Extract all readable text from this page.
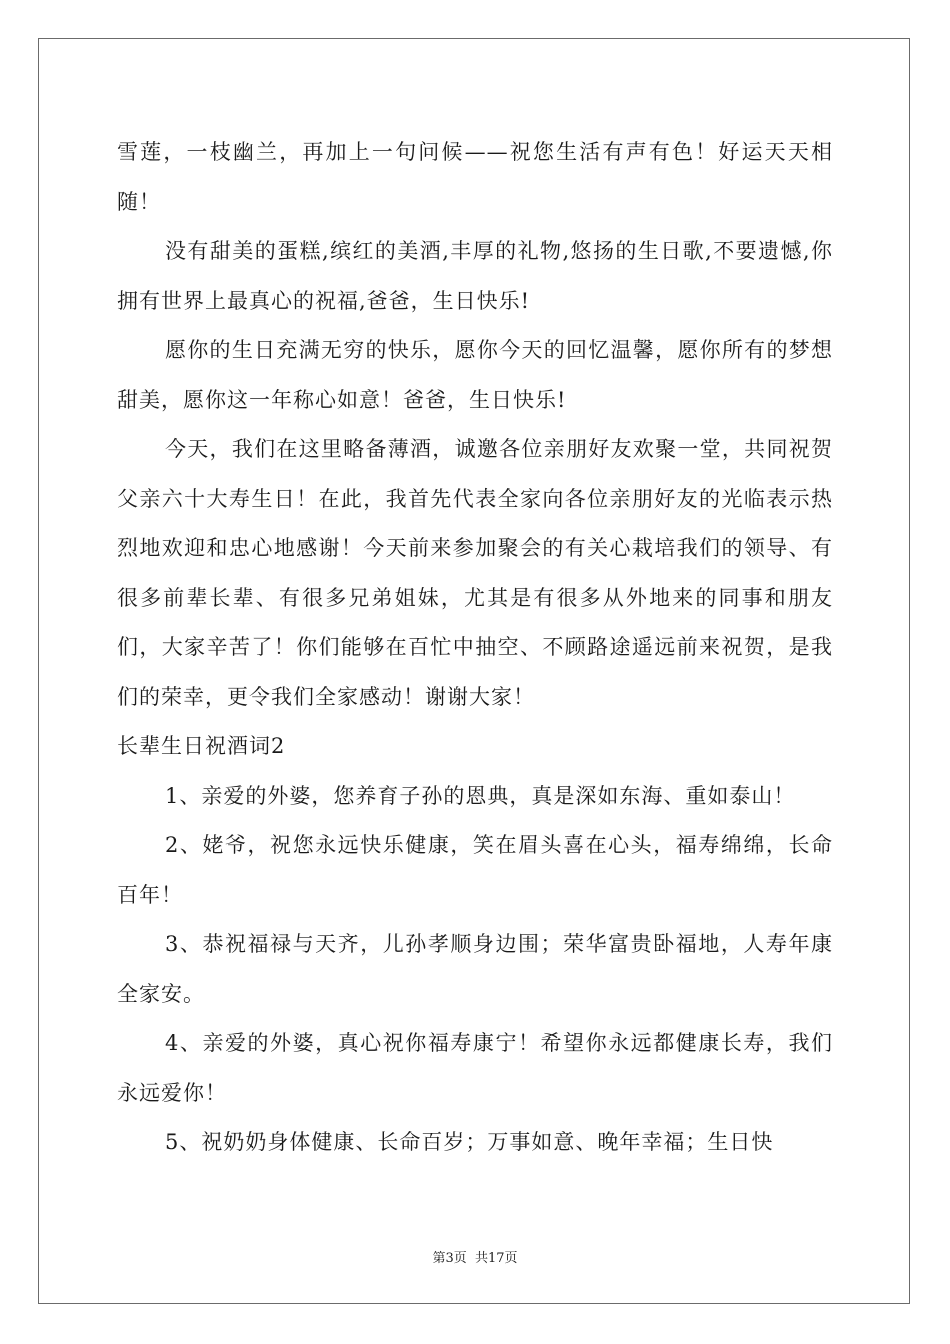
雪莲，一枝幽兰，再加上一句问候——祝您生活有声有色！好运天天相随！

没有甜美的蛋糕,缤红的美酒,丰厚的礼物,悠扬的生日歌,不要遗憾,你拥有世界上最真心的祝福,爸爸，生日快乐!

愿你的生日充满无穷的快乐，愿你今天的回忆温馨，愿你所有的梦想甜美，愿你这一年称心如意！爸爸，生日快乐!

今天，我们在这里略备薄酒，诚邀各位亲朋好友欢聚一堂，共同祝贺父亲六十大寿生日！在此，我首先代表全家向各位亲朋好友的光临表示热烈地欢迎和忠心地感谢！今天前来参加聚会的有关心栽培我们的领导、有很多前辈长辈、有很多兄弟姐妹，尤其是有很多从外地来的同事和朋友们，大家辛苦了！你们能够在百忙中抽空、不顾路途遥远前来祝贺，是我们的荣幸，更令我们全家感动！谢谢大家！

长辈生日祝酒词2

1、亲爱的外婆，您养育子孙的恩典，真是深如东海、重如泰山！

2、姥爷，祝您永远快乐健康，笑在眉头喜在心头，福寿绵绵，长命百年！

3、恭祝福禄与天齐，儿孙孝顺身边围；荣华富贵卧福地，人寿年康全家安。

4、亲爱的外婆，真心祝你福寿康宁！希望你永远都健康长寿，我们永远爱你！

5、祝奶奶身体健康、长命百岁；万事如意、晚年幸福；生日快

第3页 共17页
